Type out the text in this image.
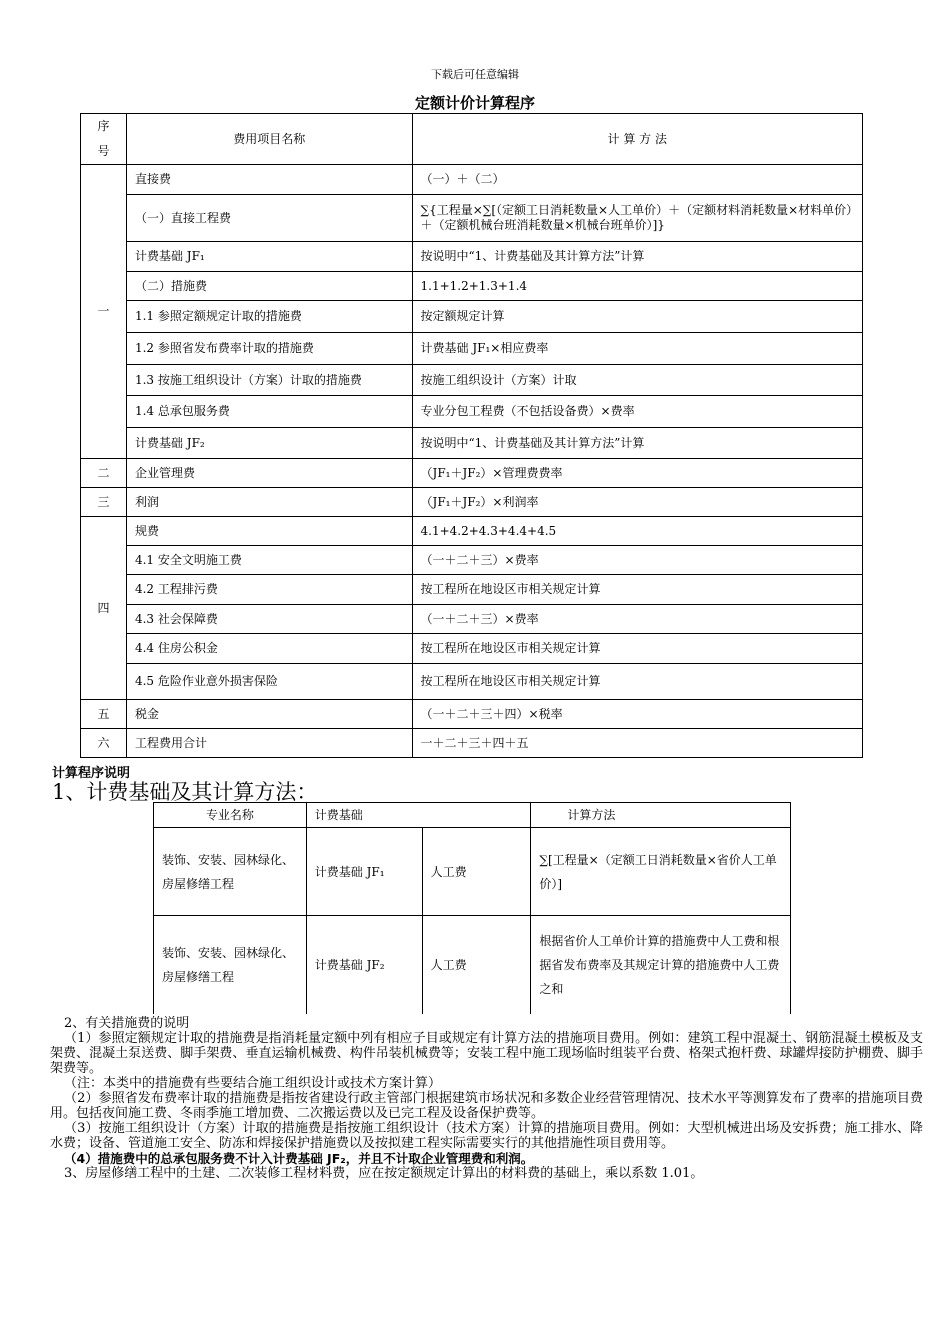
下载后可任意编辑
定额计价计算程序
序
号	费用项目名称	计 算 方 法
一	直接费	（一）＋（二）
	（一）直接工程费	∑{工程量×∑[（定额工日消耗数量×人工单价）＋（定额材料消耗数量×材料单价）＋（定额机械台班消耗数量×机械台班单价）]}
	计费基础 JF₁	按说明中“1、计费基础及其计算方法”计算
	（二）措施费	1.1+1.2+1.3+1.4
	1.1 参照定额规定计取的措施费	按定额规定计算
	1.2 参照省发布费率计取的措施费	计费基础 JF₁×相应费率
	1.3 按施工组织设计（方案）计取的措施费	按施工组织设计（方案）计取
	1.4 总承包服务费	专业分包工程费（不包括设备费）×费率
	计费基础 JF₂	按说明中“1、计费基础及其计算方法”计算
二	企业管理费	（JF₁＋JF₂）×管理费费率
三	利润	（JF₁＋JF₂）×利润率
四	规费	4.1+4.2+4.3+4.4+4.5
	4.1 安全文明施工费	（一＋二＋三）×费率
	4.2 工程排污费	按工程所在地设区市相关规定计算
	4.3 社会保障费	（一＋二＋三）×费率
	4.4 住房公积金	按工程所在地设区市相关规定计算
	4.5 危险作业意外损害保险	按工程所在地设区市相关规定计算
五	税金	（一＋二＋三＋四）×税率
六	工程费用合计	一＋二＋三＋四＋五
计算程序说明
1、计费基础及其计算方法：
专业名称	计费基础		计算方法
装饰、安装、园林绿化、房屋修缮工程	计费基础 JF₁	人工费	∑[工程量×（定额工日消耗数量×省价人工单价）]
装饰、安装、园林绿化、房屋修缮工程	计费基础 JF₂	人工费	根据省价人工单价计算的措施费中人工费和根据省发布费率及其规定计算的措施费中人工费之和

2、有关措施费的说明

（1）参照定额规定计取的措施费是指消耗量定额中列有相应子目或规定有计算方法的措施项目费用。例如：建筑工程中混凝土、钢筋混凝土模板及支架费、混凝土泵送费、脚手架费、垂直运输机械费、构件吊装机械费等；安装工程中施工现场临时组装平台费、格架式抱杆费、球罐焊接防护棚费、脚手架费等。

（注：本类中的措施费有些要结合施工组织设计或技术方案计算）

（2）参照省发布费率计取的措施费是指按省建设行政主管部门根据建筑市场状况和多数企业经营管理情况、技术水平等测算发布了费率的措施项目费用。包括夜间施工费、冬雨季施工增加费、二次搬运费以及已完工程及设备保护费等。

（3）按施工组织设计（方案）计取的措施费是指按施工组织设计（技术方案）计算的措施项目费用。例如：大型机械进出场及安拆费；施工排水、降水费；设备、管道施工安全、防冻和焊接保护措施费以及按拟建工程实际需要实行的其他措施性项目费用等。

（4）措施费中的总承包服务费不计入计费基础 JF₂，并且不计取企业管理费和利润。

3、房屋修缮工程中的土建、二次装修工程材料费，应在按定额规定计算出的材料费的基础上，乘以系数 1.01。
